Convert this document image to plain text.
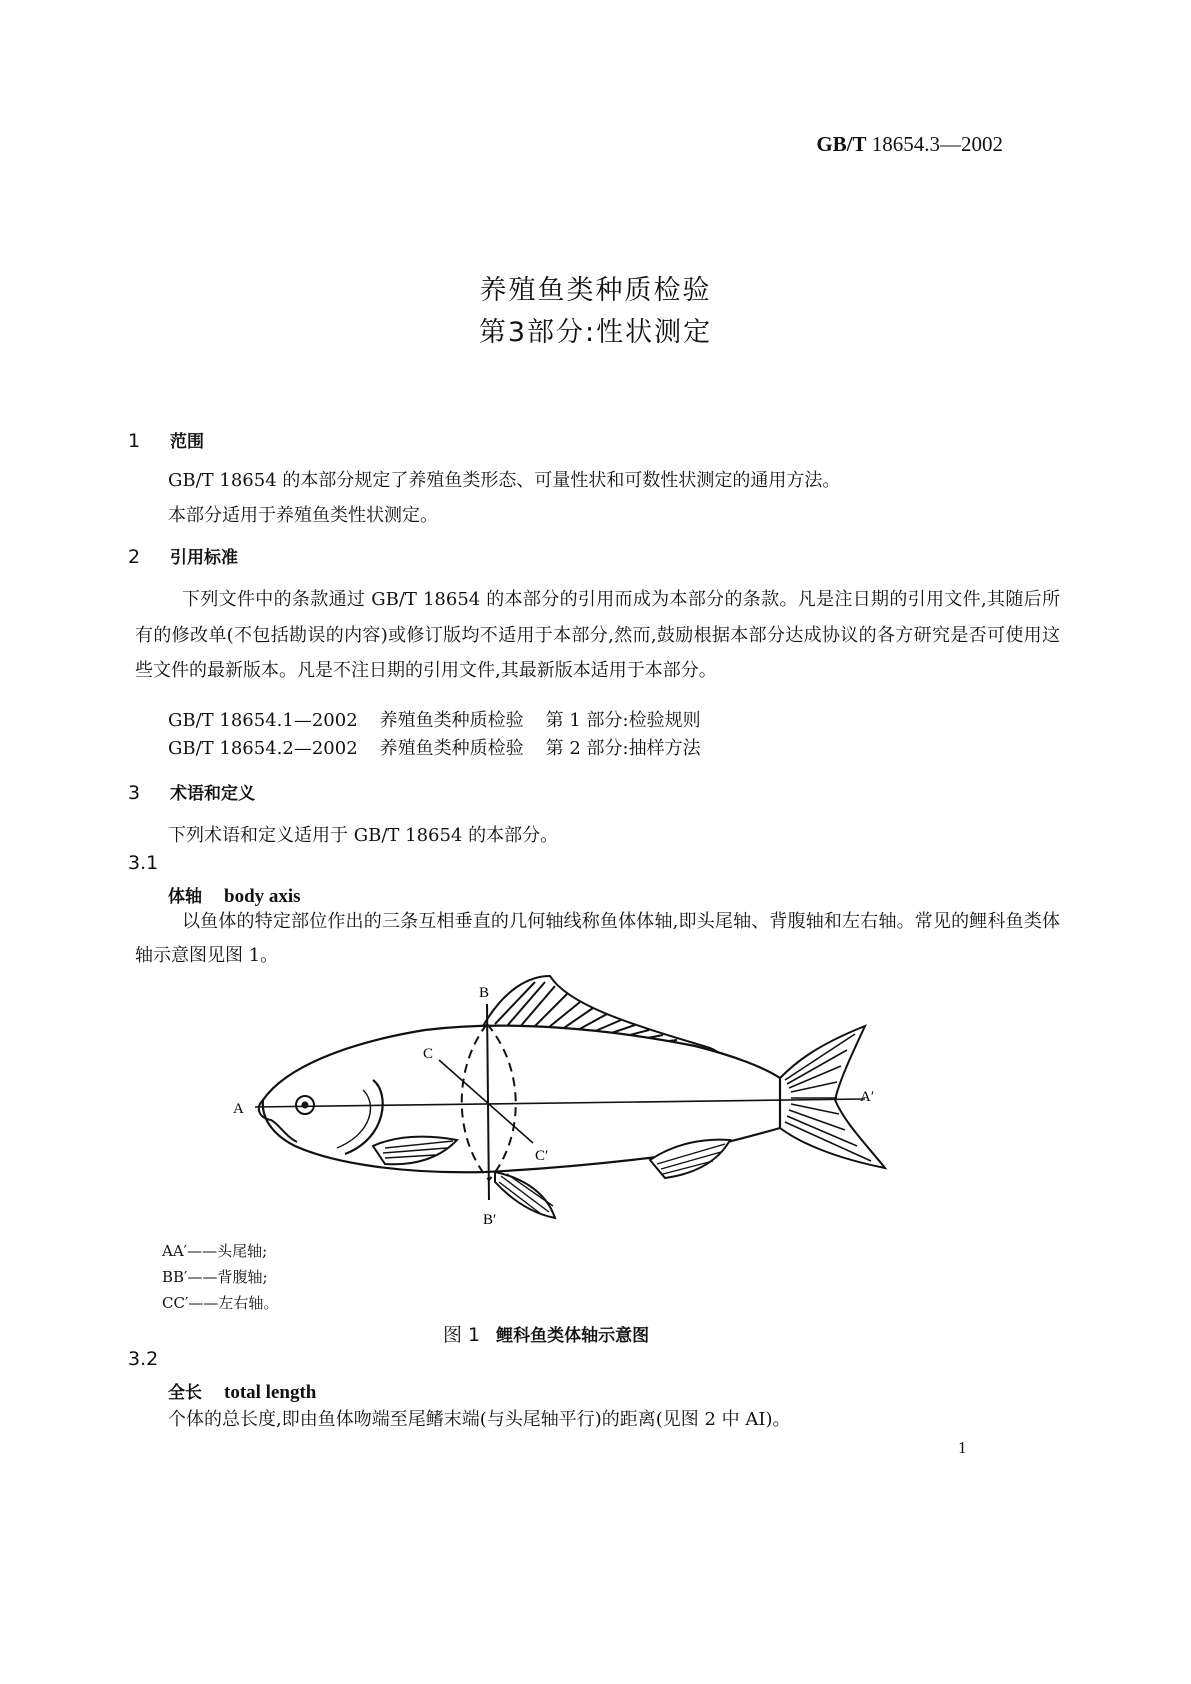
GB/T 18654.3—2002
养殖鱼类种质检验
第3部分:性状测定
1 范围
GB/T 18654 的本部分规定了养殖鱼类形态、可量性状和可数性状测定的通用方法。
本部分适用于养殖鱼类性状测定。
2 引用标准
下列文件中的条款通过 GB/T 18654 的本部分的引用而成为本部分的条款。凡是注日期的引用文件,其随后所有的修改单(不包括勘误的内容)或修订版均不适用于本部分,然而,鼓励根据本部分达成协议的各方研究是否可使用这些文件的最新版本。凡是不注日期的引用文件,其最新版本适用于本部分。
GB/T 18654.1—2002 养殖鱼类种质检验 第 1 部分:检验规则
GB/T 18654.2—2002 养殖鱼类种质检验 第 2 部分:抽样方法
3 术语和定义
下列术语和定义适用于 GB/T 18654 的本部分。
3.1
体轴 body axis
以鱼体的特定部位作出的三条互相垂直的几何轴线称鱼体体轴,即头尾轴、背腹轴和左右轴。常见的鲤科鱼类体轴示意图见图 1。
A
A′
B
B′
C
C′
AA′——头尾轴;
BB′——背腹轴;
CC′——左右轴。
图 1 鲤科鱼类体轴示意图
3.2
全长 total length
个体的总长度,即由鱼体吻端至尾鳍末端(与头尾轴平行)的距离(见图 2 中 AI)。
1
